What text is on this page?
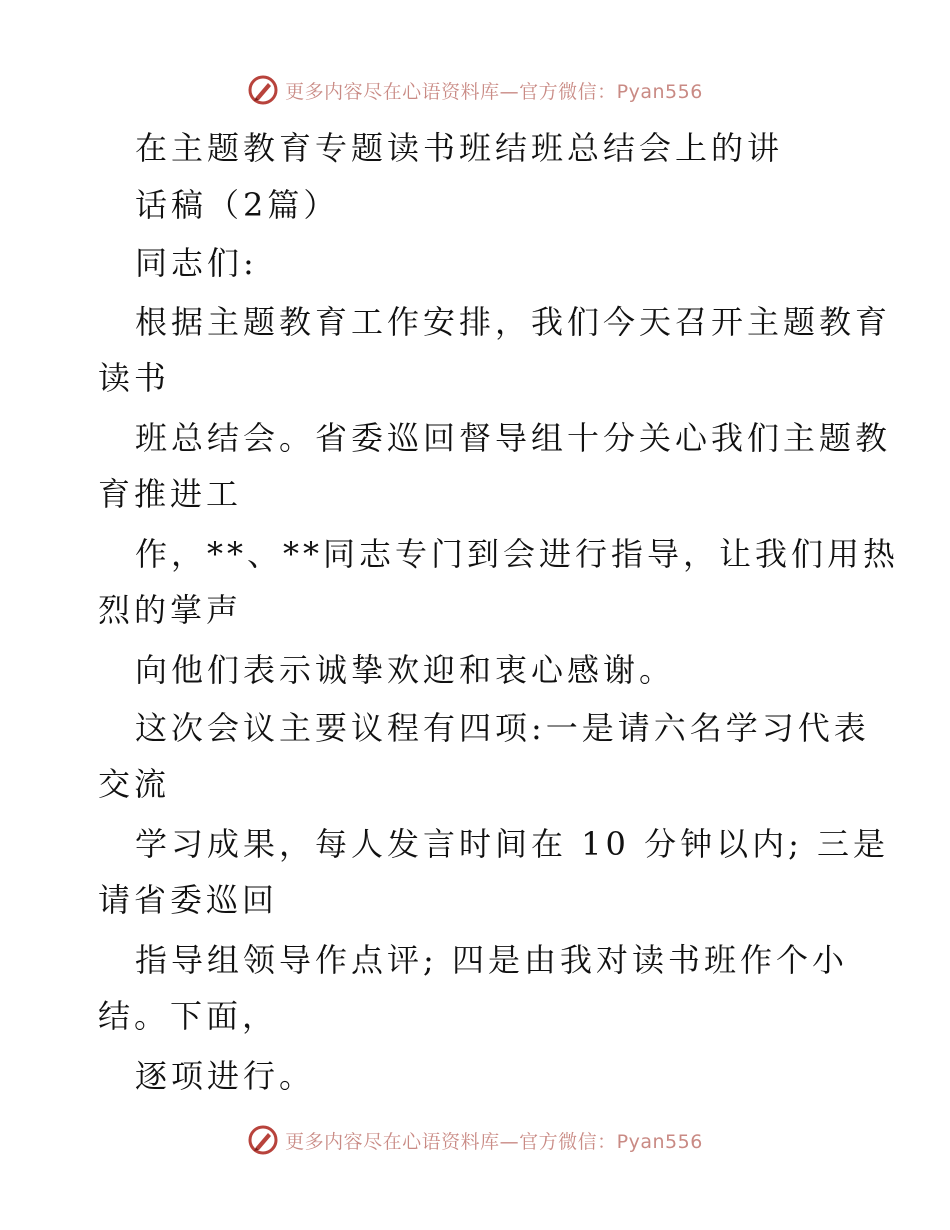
更多内容尽在心语资料库—官方微信：Pyan556
在主题教育专题读书班结班总结会上的讲
话稿（2篇）
同志们:
根据主题教育工作安排，我们今天召开主题教育
读书
班总结会。省委巡回督导组十分关心我们主题教
育推进工
作，**、**同志专门到会进行指导，让我们用热
烈的掌声
向他们表示诚挚欢迎和衷心感谢。
这次会议主要议程有四项:一是请六名学习代表
交流
学习成果，每人发言时间在 10 分钟以内; 三是
请省委巡回
指导组领导作点评; 四是由我对读书班作个小
结。下面，
逐项进行。
更多内容尽在心语资料库—官方微信：Pyan556
